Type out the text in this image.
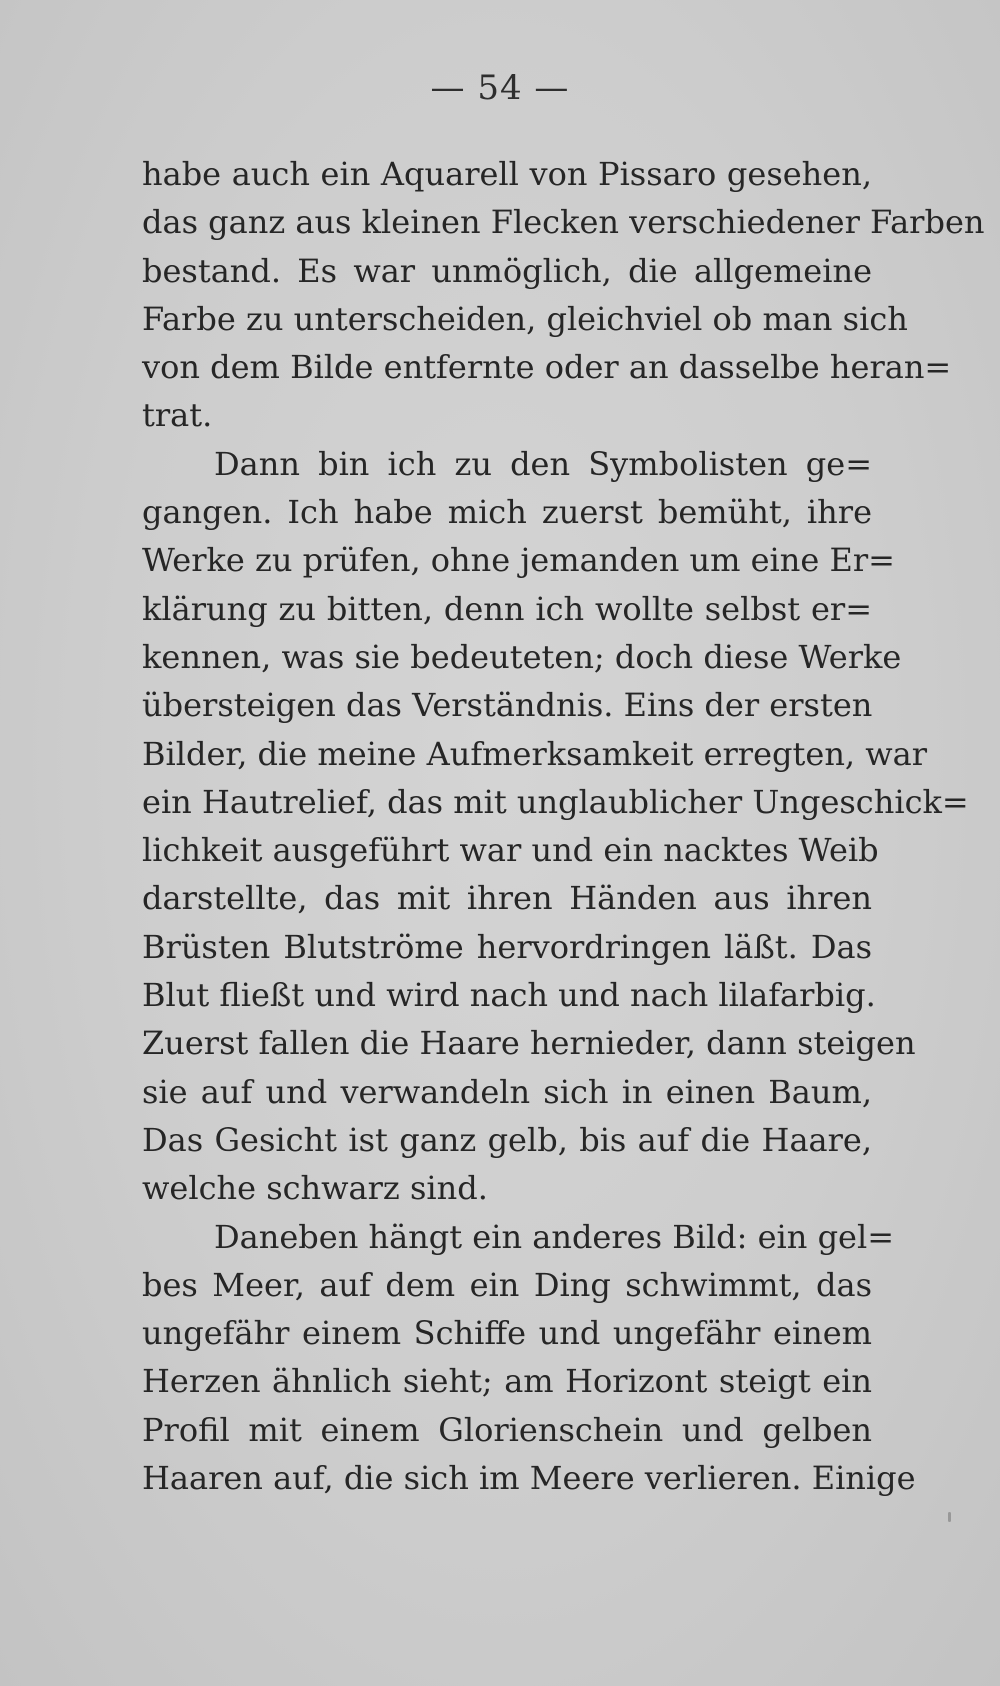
— 54 —
habe auch ein Aquarell von Pissaro gesehen,
das ganz aus kleinen Flecken verschiedener Farben
bestand. Es war unmöglich, die allgemeine
Farbe zu unterscheiden, gleichviel ob man sich
von dem Bilde entfernte oder an dasselbe heran=
trat.
Dann bin ich zu den Symbolisten ge=
gangen. Ich habe mich zuerst bemüht, ihre
Werke zu prüfen, ohne jemanden um eine Er=
klärung zu bitten, denn ich wollte selbst er=
kennen, was sie bedeuteten; doch diese Werke
übersteigen das Verständnis. Eins der ersten
Bilder, die meine Aufmerksamkeit erregten, war
ein Hautrelief, das mit unglaublicher Ungeschick=
lichkeit ausgeführt war und ein nacktes Weib
darstellte, das mit ihren Händen aus ihren
Brüsten Blutströme hervordringen läßt. Das
Blut fließt und wird nach und nach lilafarbig.
Zuerst fallen die Haare hernieder, dann steigen
sie auf und verwandeln sich in einen Baum,
Das Gesicht ist ganz gelb, bis auf die Haare,
welche schwarz sind.
Daneben hängt ein anderes Bild: ein gel=
bes Meer, auf dem ein Ding schwimmt, das
ungefähr einem Schiffe und ungefähr einem
Herzen ähnlich sieht; am Horizont steigt ein
Profil mit einem Glorienschein und gelben
Haaren auf, die sich im Meere verlieren. Einige
